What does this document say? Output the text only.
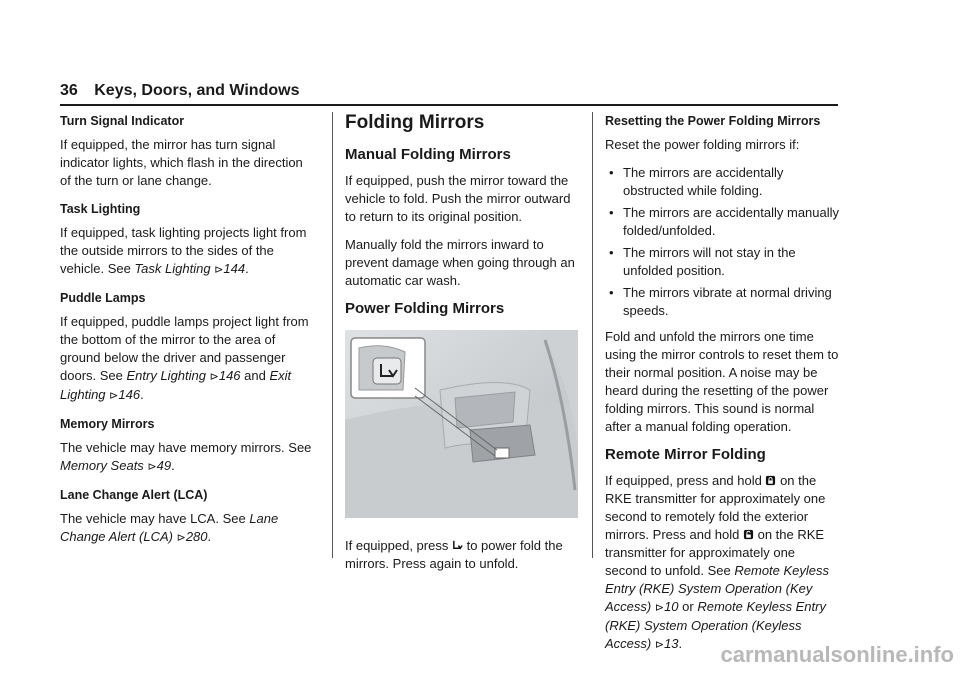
36 Keys, Doors, and Windows
Turn Signal Indicator

If equipped, the mirror has turn signal indicator lights, which flash in the direction of the turn or lane change.

Task Lighting

If equipped, task lighting projects light from the outside mirrors to the sides of the vehicle. See Task Lighting ⊳144.

Puddle Lamps

If equipped, puddle lamps project light from the bottom of the mirror to the area of ground below the driver and passenger doors. See Entry Lighting ⊳146 and Exit Lighting ⊳146.

Memory Mirrors

The vehicle may have memory mirrors. See Memory Seats ⊳49.

Lane Change Alert (LCA)

The vehicle may have LCA. See Lane Change Alert (LCA) ⊳280.

Folding Mirrors
Manual Folding Mirrors

If equipped, push the mirror toward the vehicle to fold. Push the mirror outward to return to its original position.

Manually fold the mirrors inward to prevent damage when going through an automatic car wash.

Power Folding Mirrors

If equipped, press  to power fold the mirrors. Press again to unfold.

Resetting the Power Folding Mirrors

Reset the power folding mirrors if:

• The mirrors are accidentally obstructed while folding.
• The mirrors are accidentally manually folded/unfolded.
• The mirrors will not stay in the unfolded position.
• The mirrors vibrate at normal driving speeds.

Fold and unfold the mirrors one time using the mirror controls to reset them to their normal position. A noise may be heard during the resetting of the power folding mirrors. This sound is normal after a manual folding operation.

Remote Mirror Folding

If equipped, press and hold  on the RKE transmitter for approximately one second to remotely fold the exterior mirrors. Press and hold  on the RKE transmitter for approximately one second to unfold. See Remote Keyless Entry (RKE) System Operation (Key Access) ⊳10 or Remote Keyless Entry (RKE) System Operation (Keyless Access) ⊳13.	carmanualsonline.info
